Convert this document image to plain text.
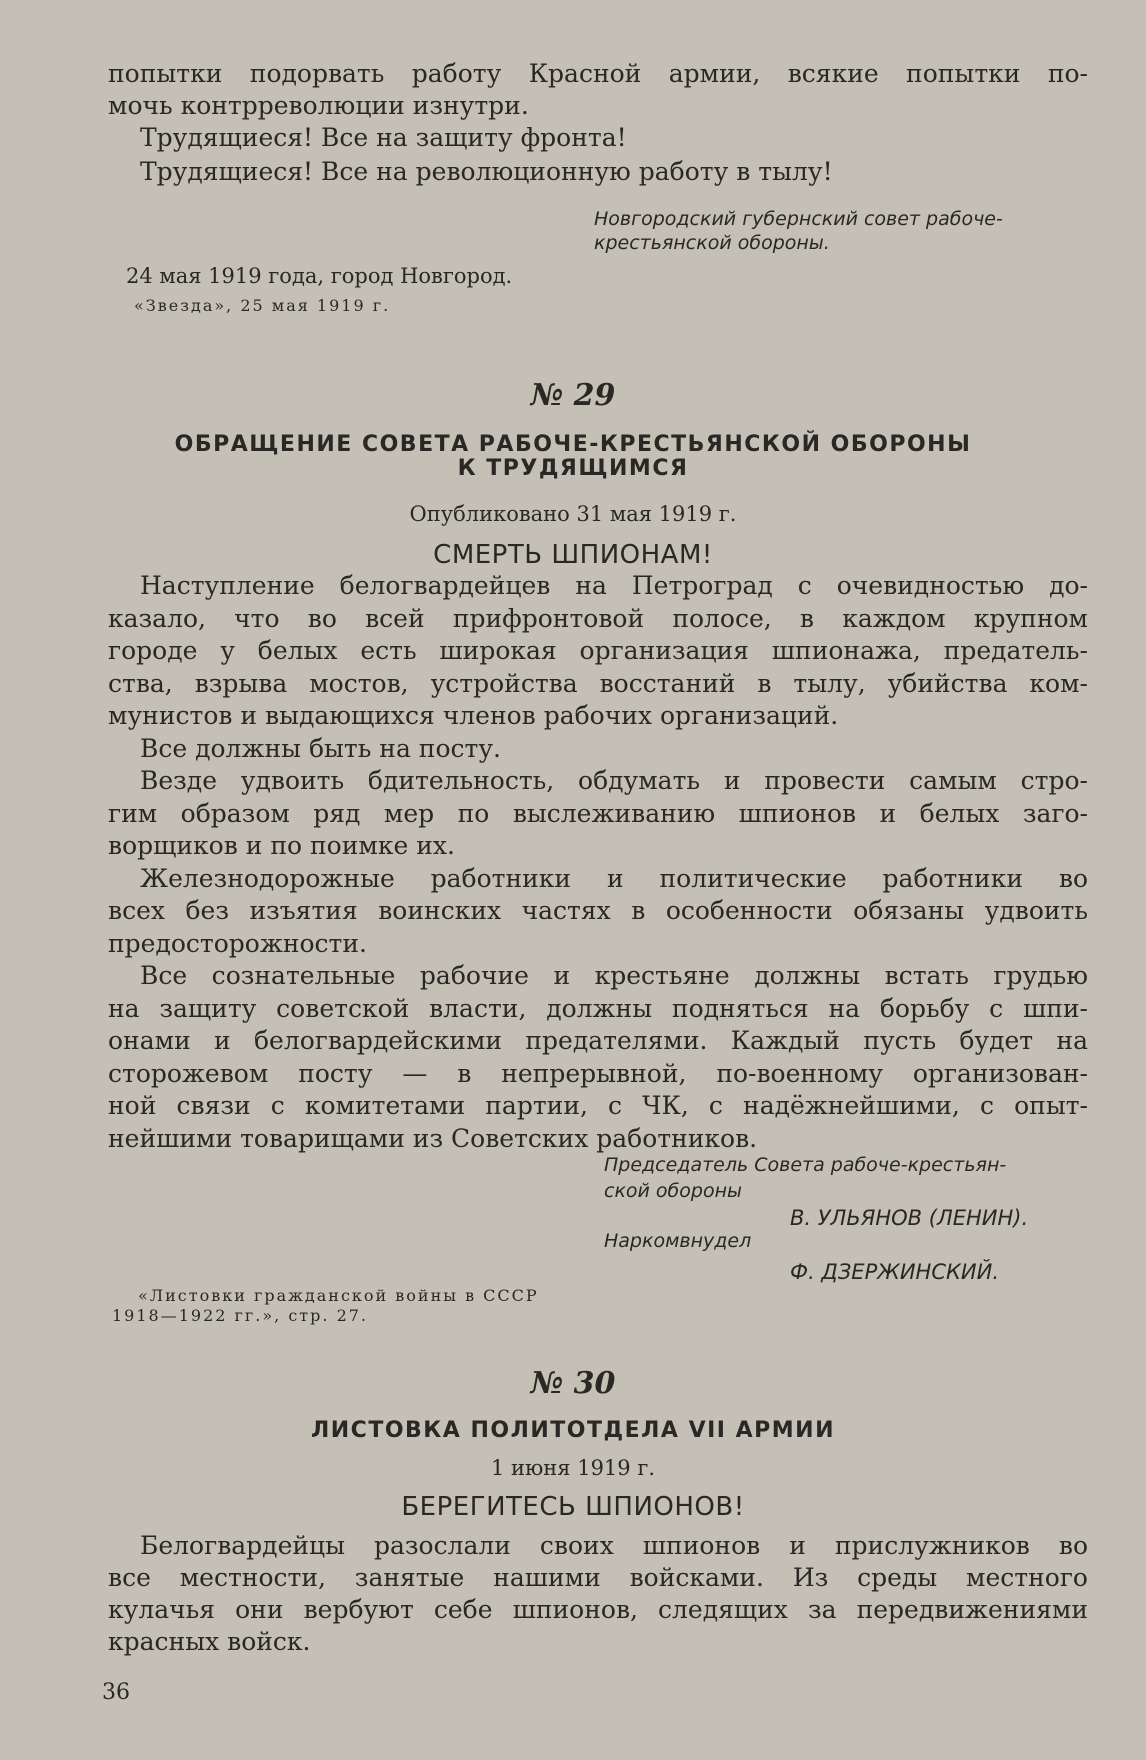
попытки подорвать работу Красной армии, всякие попытки по-
мочь контрреволюции изнутри.
Трудящиеся! Все на защиту фронта!
Трудящиеся! Все на революционную работу в тылу!
Новгородский губернский совет рабоче-
крестьянской обороны.
24 мая 1919 года, город Новгород.
«Звезда», 25 мая 1919 г.
№ 29
ОБРАЩЕНИЕ СОВЕТА РАБОЧЕ-КРЕСТЬЯНСКОЙ ОБОРОНЫ
К ТРУДЯЩИМСЯ
Опубликовано 31 мая 1919 г.
СМЕРТЬ ШПИОНАМ!
Наступление белогвардейцев на Петроград с очевидностью до-
казало, что во всей прифронтовой полосе, в каждом крупном
городе у белых есть широкая организация шпионажа, предатель-
ства, взрыва мостов, устройства восстаний в тылу, убийства ком-
мунистов и выдающихся членов рабочих организаций.
Все должны быть на посту.
Везде удвоить бдительность, обдумать и провести самым стро-
гим образом ряд мер по выслеживанию шпионов и белых заго-
ворщиков и по поимке их.
Железнодорожные работники и политические работники во
всех без изъятия воинских частях в особенности обязаны удвоить
предосторожности.
Все сознательные рабочие и крестьяне должны встать грудью
на защиту советской власти, должны подняться на борьбу с шпи-
онами и белогвардейскими предателями. Каждый пусть будет на
сторожевом посту — в непрерывной, по-военному организован-
ной связи с комитетами партии, с ЧК, с надёжнейшими, с опыт-
нейшими товарищами из Советских работников.
Председатель Совета рабоче-крестьян-
ской обороны
В. УЛЬЯНОВ (ЛЕНИН).
Наркомвнудел
Ф. ДЗЕРЖИНСКИЙ.
«Листовки гражданской войны в СССР
1918—1922 гг.», стр. 27.
№ 30
ЛИСТОВКА ПОЛИТОТДЕЛА VII АРМИИ
1 июня 1919 г.
БЕРЕГИТЕСЬ ШПИОНОВ!
Белогвардейцы разослали своих шпионов и прислужников во
все местности, занятые нашими войсками. Из среды местного
кулачья они вербуют себе шпионов, следящих за передвижениями
красных войск.
36
